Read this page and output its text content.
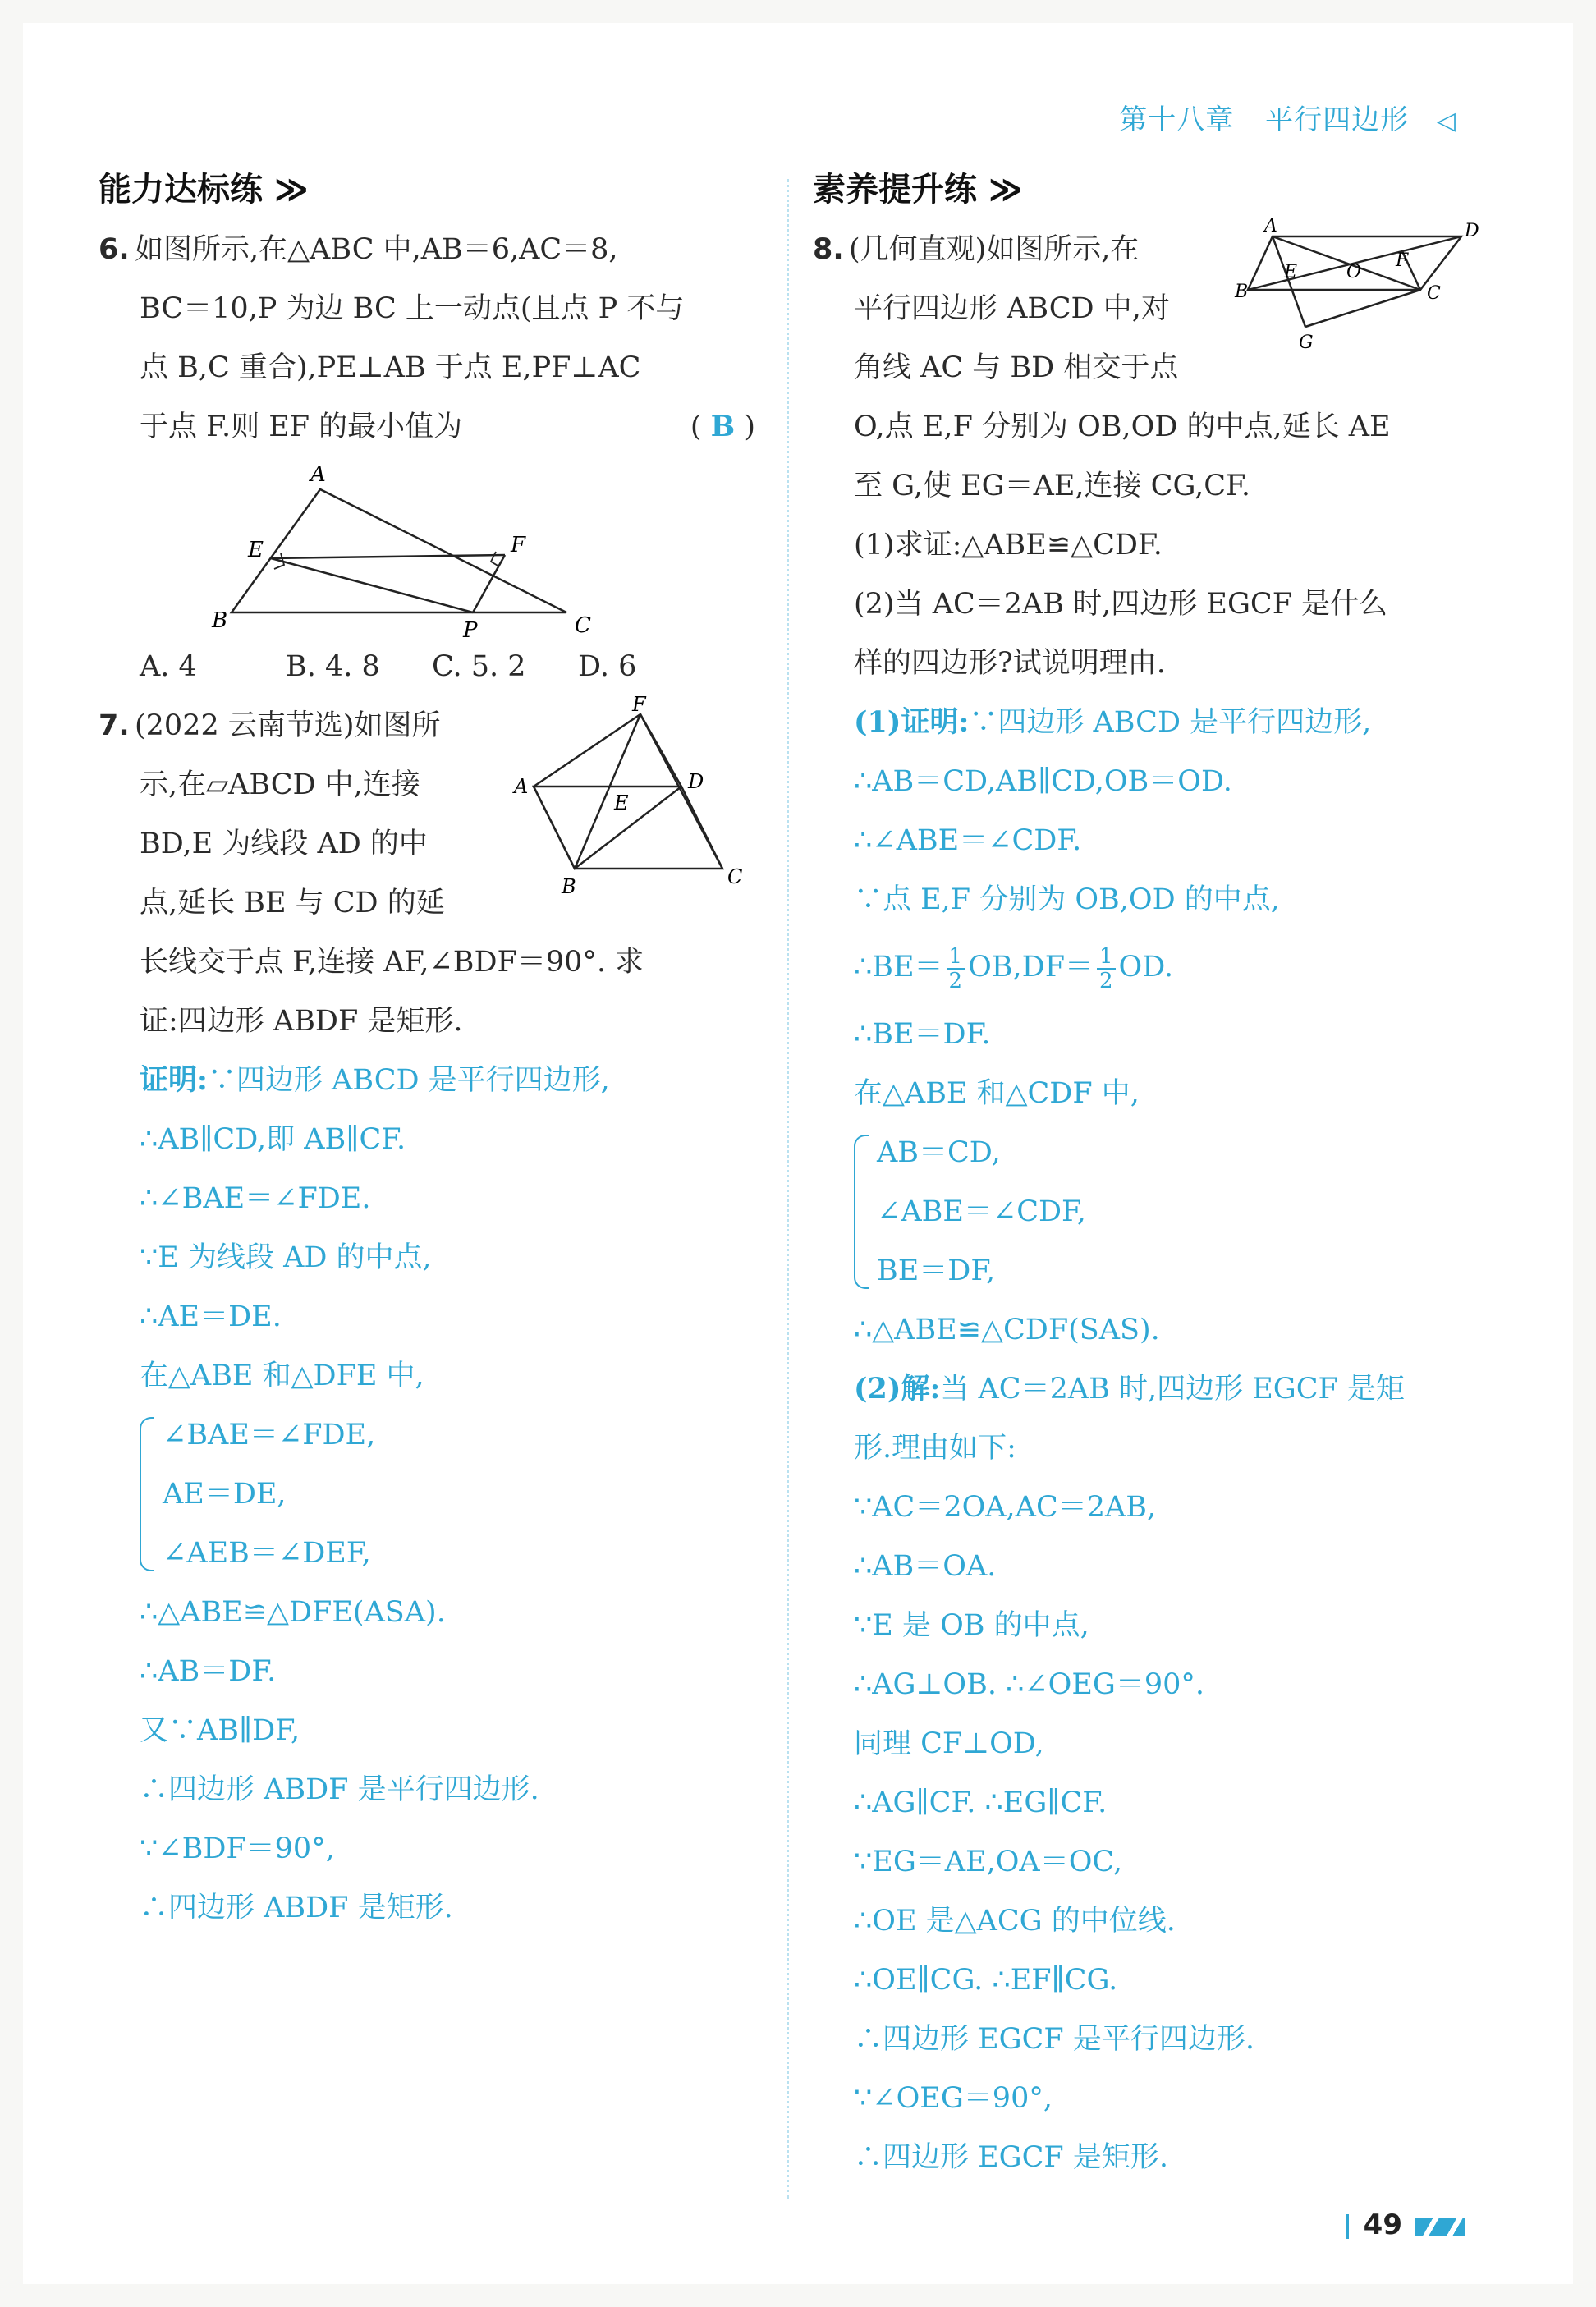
第十八章 平行四边形 ◁
能力达标练 ≫
6. 如图所示,在△ABC 中,AB＝6,AC＝8,
BC＝10,P 为边 BC 上一动点(且点 P 不与
点 B,C 重合),PE⊥AB 于点 E,PF⊥AC
于点 F.则 EF 的最小值为	( B )
A
B	C
E	F
P
A. 4	B. 4. 8 C. 5. 2 D. 6
F
A	D
E
B	C
7. (2022 云南节选)如图所
示,在▱ABCD 中,连接
BD,E 为线段 AD 的中
点,延长 BE 与 CD 的延
长线交于点 F,连接 AF,∠BDF＝90°. 求
证:四边形 ABDF 是矩形.
证明:∵四边形 ABCD 是平行四边形,
∴AB∥CD,即 AB∥CF.
∴∠BAE＝∠FDE.
∵E 为线段 AD 的中点,
∴AE＝DE.
在△ABE 和△DFE 中,
∠BAE＝∠FDE,
AE＝DE,
∠AEB＝∠DEF,
∴△ABE≌△DFE(ASA).
∴AB＝DF.
又∵AB∥DF,
∴四边形 ABDF 是平行四边形.
∵∠BDF＝90°,
∴四边形 ABDF 是矩形.
素养提升练 ≫
A	D
E	O
F
B	C
G
8. (几何直观)如图所示,在
平行四边形 ABCD 中,对
角线 AC 与 BD 相交于点
O,点 E,F 分别为 OB,OD 的中点,延长 AE
至 G,使 EG＝AE,连接 CG,CF.
(1)求证:△ABE≌△CDF.
(2)当 AC＝2AB 时,四边形 EGCF 是什么
样的四边形?试说明理由.
(1)证明:∵四边形 ABCD 是平行四边形,
∴AB＝CD,AB∥CD,OB＝OD.
∴∠ABE＝∠CDF.
∵点 E,F 分别为 OB,OD 的中点,
∴BE＝ $\frac{1}{2} OB,DF= \frac{1}{2}$ OD.
∴BE＝DF.
在△ABE 和△CDF 中,
AB＝CD,
∠ABE＝∠CDF,
BE＝DF,
∴△ABE≌△CDF(SAS).
(2)解:当 AC＝2AB 时,四边形 EGCF 是矩
形.理由如下:
∵AC＝2OA,AC＝2AB,
∴AB＝OA.
∵E 是 OB 的中点,
∴AG⊥OB. ∴∠OEG＝90°.
同理 CF⊥OD,
∴AG∥CF. ∴EG∥CF.
∵EG＝AE,OA＝OC,
∴OE 是△ACG 的中位线.
∴OE∥CG. ∴EF∥CG.
∴四边形 EGCF 是平行四边形.
∵∠OEG＝90°,
∴四边形 EGCF 是矩形.
49
